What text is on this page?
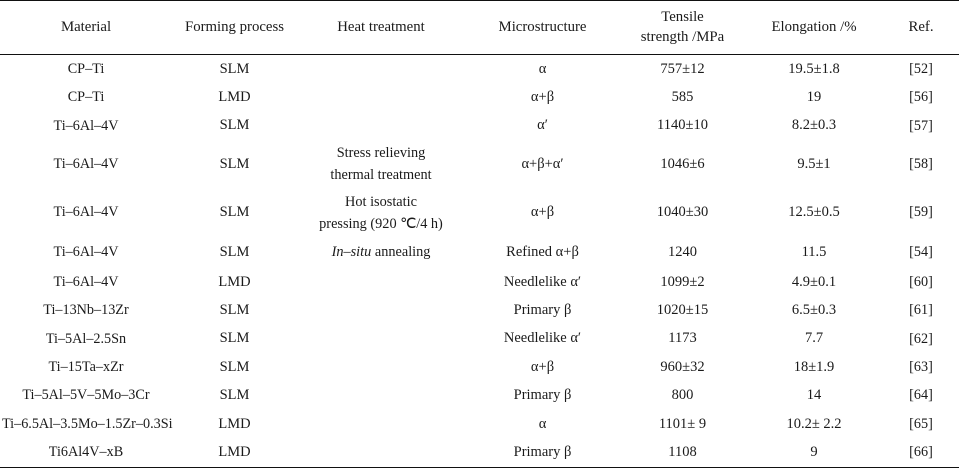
Material	Forming process	Heat treatment	Microstructure	Tensile
strength /MPa	Elongation /%	Ref.

CP–Ti	SLM		α	757±12	19.5±1.8	[52]
CP–Ti	LMD		α+β	585	19	[56]
Ti–6Al–4V	SLM		α′	1140±10	8.2±0.3	[57]
Ti–6Al–4V	SLM	Stress relieving
thermal treatment	α+β+α′	1046±6	9.5±1	[58]
Ti–6Al–4V	SLM	Hot isostatic
pressing (920 ℃/4 h)	α+β	1040±30	12.5±0.5	[59]
Ti–6Al–4V	SLM	In–situ annealing	Refined α+β	1240	11.5	[54]
Ti–6Al–4V	LMD		Needlelike α′	1099±2	4.9±0.1	[60]
Ti–13Nb–13Zr	SLM		Primary β	1020±15	6.5±0.3	[61]
Ti–5Al–2.5Sn	SLM		Needlelike α′	1173	7.7	[62]
Ti–15Ta–xZr	SLM		α+β	960±32	18±1.9	[63]
Ti–5Al–5V–5Mo–3Cr	SLM		Primary β	800	14	[64]
Ti–6.5Al–3.5Mo–1.5Zr–0.3Si	LMD		α	1101± 9	10.2± 2.2	[65]
Ti6Al4V–xB	LMD		Primary β	1108	9	[66]
